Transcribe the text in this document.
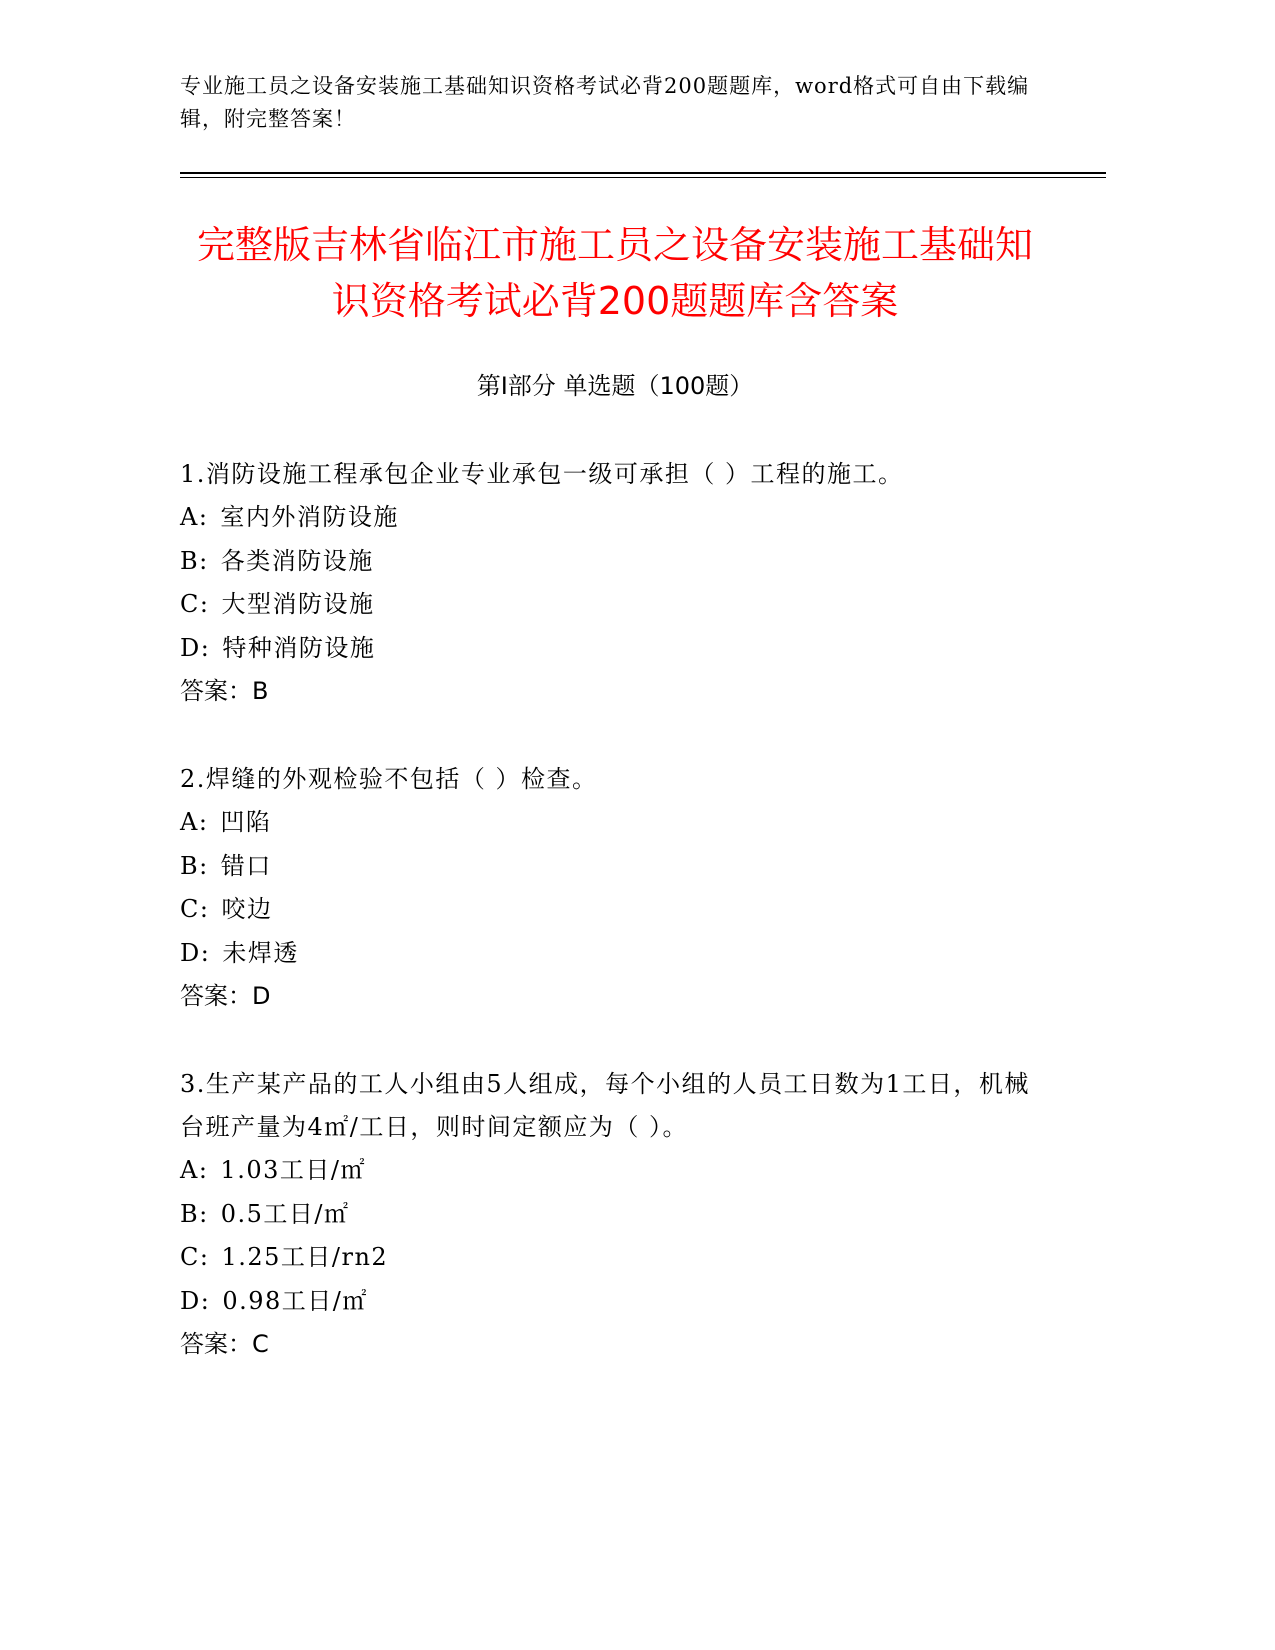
专业施工员之设备安装施工基础知识资格考试必背200题题库，word格式可自由下载编辑，附完整答案！
完整版吉林省临江市施工员之设备安装施工基础知识资格考试必背200题题库含答案
第I部分 单选题（100题）
1.消防设施工程承包企业专业承包一级可承担（ ）工程的施工。
A: 室内外消防设施
B: 各类消防设施
C: 大型消防设施
D: 特种消防设施
答案：B
2.焊缝的外观检验不包括（ ）检查。
A: 凹陷
B: 错口
C: 咬边
D: 未焊透
答案：D
3.生产某产品的工人小组由5人组成，每个小组的人员工日数为1工日，机械台班产量为4㎡/工日，则时间定额应为（ ）。
A: 1.03工日/㎡
B: 0.5工日/㎡
C: 1.25工日/rn2
D: 0.98工日/㎡
答案：C
